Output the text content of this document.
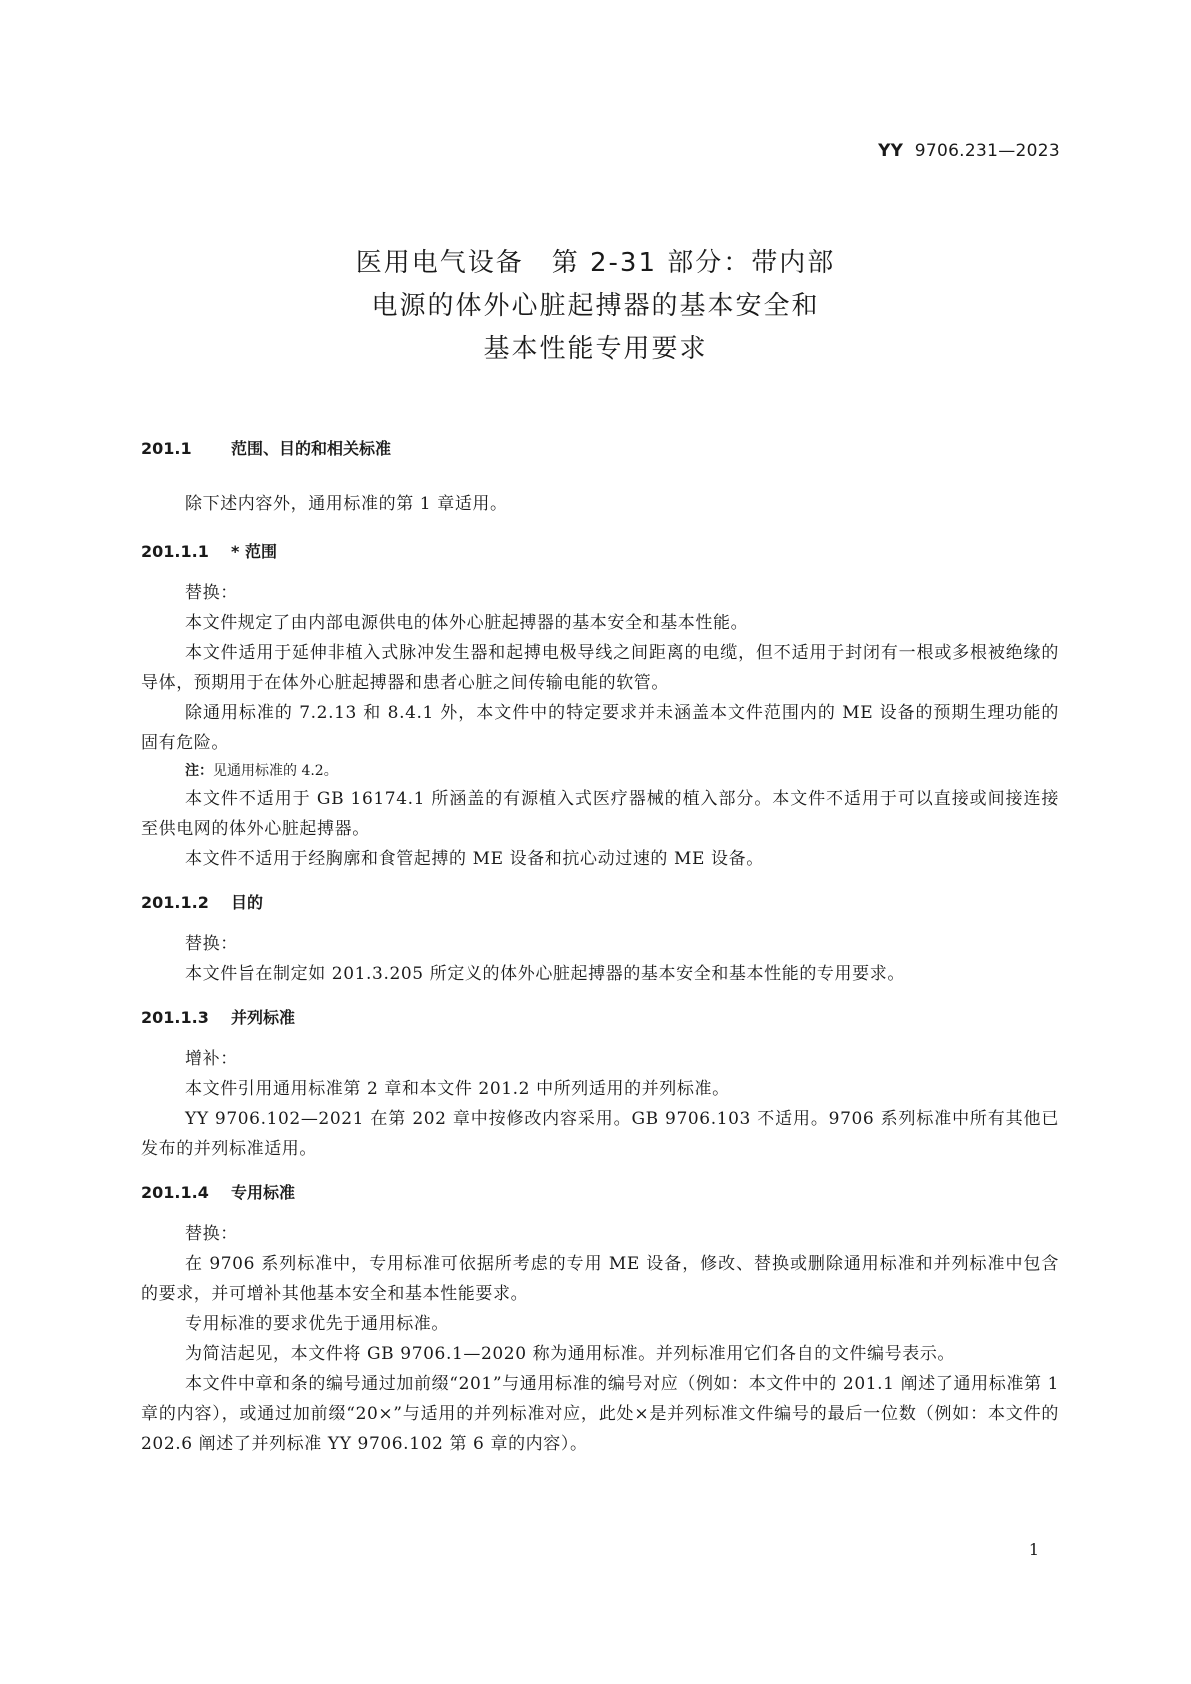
YY 9706.231—2023
医用电气设备　第 2-31 部分：带内部
电源的体外心脏起搏器的基本安全和
基本性能专用要求
201.1 范围、目的和相关标准

除下述内容外，通用标准的第 1 章适用。

201.1.1 * 范围

替换：

本文件规定了由内部电源供电的体外心脏起搏器的基本安全和基本性能。

本文件适用于延伸非植入式脉冲发生器和起搏电极导线之间距离的电缆，但不适用于封闭有一根或多根被绝缘的导体，预期用于在体外心脏起搏器和患者心脏之间传输电能的软管。

除通用标准的 7.2.13 和 8.4.1 外，本文件中的特定要求并未涵盖本文件范围内的 ME 设备的预期生理功能的固有危险。

注：见通用标准的 4.2。

本文件不适用于 GB 16174.1 所涵盖的有源植入式医疗器械的植入部分。本文件不适用于可以直接或间接连接至供电网的体外心脏起搏器。

本文件不适用于经胸廓和食管起搏的 ME 设备和抗心动过速的 ME 设备。

201.1.2 目的

替换：

本文件旨在制定如 201.3.205 所定义的体外心脏起搏器的基本安全和基本性能的专用要求。

201.1.3 并列标准

增补：

本文件引用通用标准第 2 章和本文件 201.2 中所列适用的并列标准。

YY 9706.102—2021 在第 202 章中按修改内容采用。GB 9706.103 不适用。9706 系列标准中所有其他已发布的并列标准适用。

201.1.4 专用标准

替换：

在 9706 系列标准中，专用标准可依据所考虑的专用 ME 设备，修改、替换或删除通用标准和并列标准中包含的要求，并可增补其他基本安全和基本性能要求。

专用标准的要求优先于通用标准。

为简洁起见，本文件将 GB 9706.1—2020 称为通用标准。并列标准用它们各自的文件编号表示。

本文件中章和条的编号通过加前缀“201”与通用标准的编号对应（例如：本文件中的 201.1 阐述了通用标准第 1 章的内容），或通过加前缀“20×”与适用的并列标准对应，此处×是并列标准文件编号的最后一位数（例如：本文件的 202.6 阐述了并列标准 YY 9706.102 第 6 章的内容）。

1
